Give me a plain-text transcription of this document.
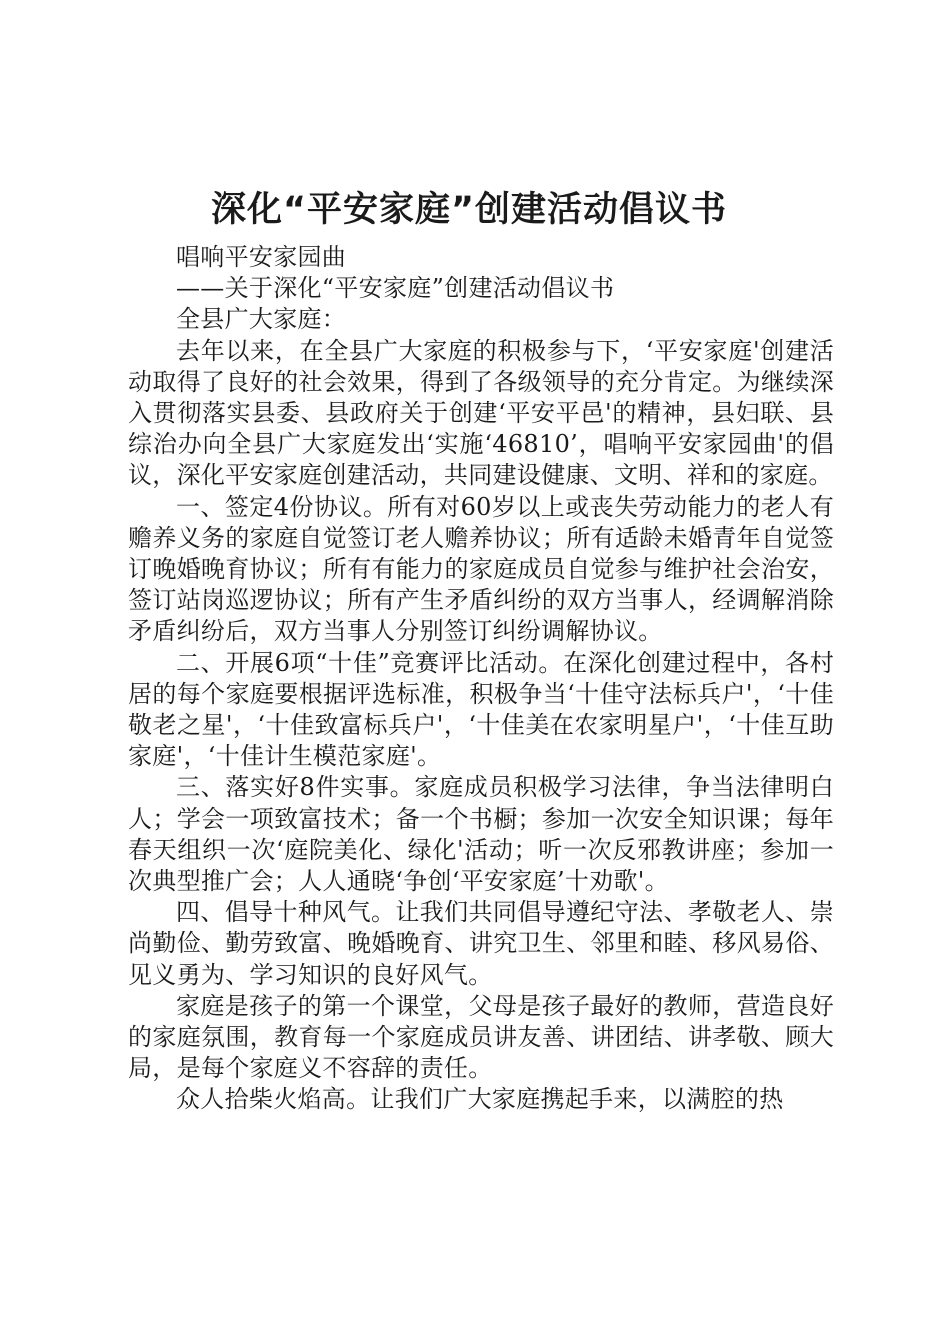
深化“平安家庭”创建活动倡议书

唱响平安家园曲

——关于深化“平安家庭”创建活动倡议书

全县广大家庭：

去年以来，在全县广大家庭的积极参与下，‘平安家庭'创建活动取得了良好的社会效果，得到了各级领导的充分肯定。为继续深入贯彻落实县委、县政府关于创建‘平安平邑'的精神，县妇联、县综治办向全县广大家庭发出‘实施‘46810’，唱响平安家园曲'的倡议，深化平安家庭创建活动，共同建设健康、文明、祥和的家庭。

一、签定4份协议。所有对60岁以上或丧失劳动能力的老人有赡养义务的家庭自觉签订老人赡养协议；所有适龄未婚青年自觉签订晚婚晚育协议；所有有能力的家庭成员自觉参与维护社会治安，签订站岗巡逻协议；所有产生矛盾纠纷的双方当事人，经调解消除矛盾纠纷后，双方当事人分别签订纠纷调解协议。

二、开展6项“十佳”竞赛评比活动。在深化创建过程中，各村居的每个家庭要根据评选标准，积极争当‘十佳守法标兵户'，‘十佳敬老之星'，‘十佳致富标兵户'，‘十佳美在农家明星户'，‘十佳互助家庭'，‘十佳计生模范家庭'。

三、落实好8件实事。家庭成员积极学习法律，争当法律明白人；学会一项致富技术；备一个书橱；参加一次安全知识课；每年春天组织一次‘庭院美化、绿化'活动；听一次反邪教讲座；参加一次典型推广会；人人通晓‘争创‘平安家庭’十劝歌'。

四、倡导十种风气。让我们共同倡导遵纪守法、孝敬老人、崇尚勤俭、勤劳致富、晚婚晚育、讲究卫生、邻里和睦、移风易俗、见义勇为、学习知识的良好风气。

家庭是孩子的第一个课堂，父母是孩子最好的教师，营造良好的家庭氛围，教育每一个家庭成员讲友善、讲团结、讲孝敬、顾大局，是每个家庭义不容辞的责任。

众人拾柴火焰高。让我们广大家庭携起手来，以满腔的热
